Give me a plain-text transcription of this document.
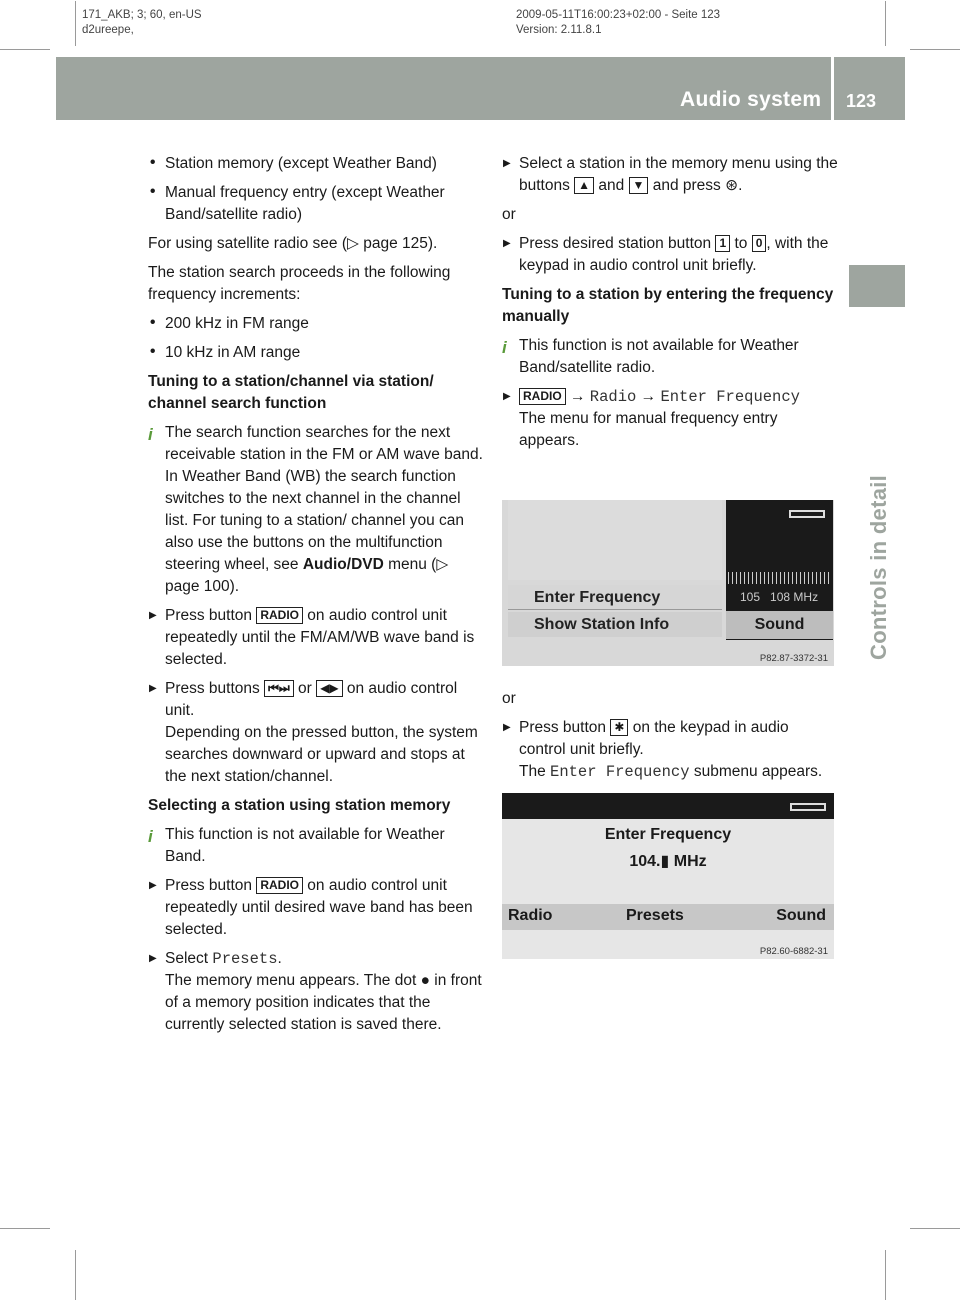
171_AKB; 3; 60, en-US
d2ureepe,
2009-05-11T16:00:23+02:00 - Seite 123
Version: 2.11.8.1
Audio system 123
Controls in detail
• Station memory (except Weather Band)
• Manual frequency entry (except Weather Band/satellite radio)

For using satellite radio see (▷ page 125).

The station search proceeds in the following frequency increments:

• 200 kHz in FM range
• 10 kHz in AM range

Tuning to a station/channel via station/ channel search function

i The search function searches for the next receivable station in the FM or AM wave band. In Weather Band (WB) the search function switches to the next channel in the channel list. For tuning to a station/ channel you can also use the buttons on the multifunction steering wheel, see Audio/DVD menu (▷ page 100).
▶ Press button RADIO on audio control unit repeatedly until the FM/AM/WB wave band is selected.
▶ Press buttons ⏮⏭ or ◀▶ on audio control unit.
Depending on the pressed button, the system searches downward or upward and stops at the next station/channel.

Selecting a station using station memory

i This function is not available for Weather Band.
▶ Press button RADIO on audio control unit repeatedly until desired wave band has been selected.
▶ Select Presets.
The memory menu appears. The dot ● in front of a memory position indicates that the currently selected station is saved there.
▶ Select a station in the memory menu using the buttons ▲ and ▼ and press ⊛.

or

▶ Press desired station button 1 to 0 , with the keypad in audio control unit briefly.

Tuning to a station by entering the frequency manually

i This function is not available for Weather Band/satellite radio.
▶ RADIO → Radio → Enter Frequency
The menu for manual frequency entry appears.
Enter Frequency
Show Station Info
105 108 MHz
Sound
P82.87-3372-31

or

▶ Press button ✱ on the keypad in audio control unit briefly.
The Enter Frequency submenu appears.
Enter Frequency
104.▮ MHz
Radio	Presets	Sound
P82.60-6882-31
